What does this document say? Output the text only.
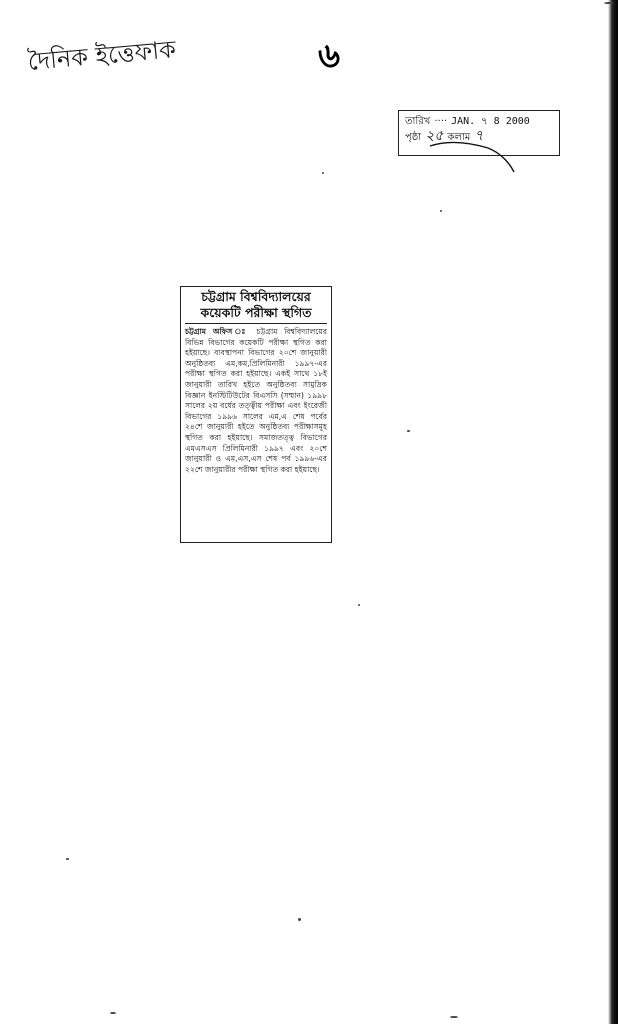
দৈনিক ইত্তেফাক	৬
তারিখ ···· JAN. ৭ 8 2000
পৃষ্ঠা ২৫ কলাম ৭
চট্টগ্রাম বিশ্ববিদ্যালয়ের
কয়েকটি পরীক্ষা স্থগিত
চট্টগ্রাম অফিস ঃ চট্টগ্রাম বিশ্ববিদ্যালয়ের বিভিন্ন বিভাগের কয়েকটি পরীক্ষা স্থগিত করা হইয়াছে। ব্যবস্থাপনা বিভাগের ২০শে জানুয়ারী অনুষ্ঠিতব্য এম,কম,প্রিলিমিনারী ১৯৯৭-এর পরীক্ষা স্থগিত করা হইয়াছে। একই সাথে ১৮ই জানুয়ারী তারিখ হইতে অনুষ্ঠিতব্য সামুদ্রিক বিজ্ঞান ইনস্টিটিউটের বিএসসি (সম্মান) ১৯৯৮ সালের ২য় বর্ষের তত্ত্বীয় পরীক্ষা এবং ইংরেজী বিভাগের ১৯৯৬ সালের এম,এ শেষ পর্বের ২৪শে জানুয়ারী হইতে অনুষ্ঠিতব্য পরীক্ষাসমূহ স্থগিত করা হইয়াছে। সমাজতত্ত্ব বিভাগের এমএসএস প্রিলিমিনারী ১৯৯৭ এবং ২০শে জানুয়ারী ও এম,এস,এস শেষ পর্ব ১৯৯৬-এর ২২শে জানুয়ারীর পরীক্ষা স্থগিত করা হইয়াছে।
